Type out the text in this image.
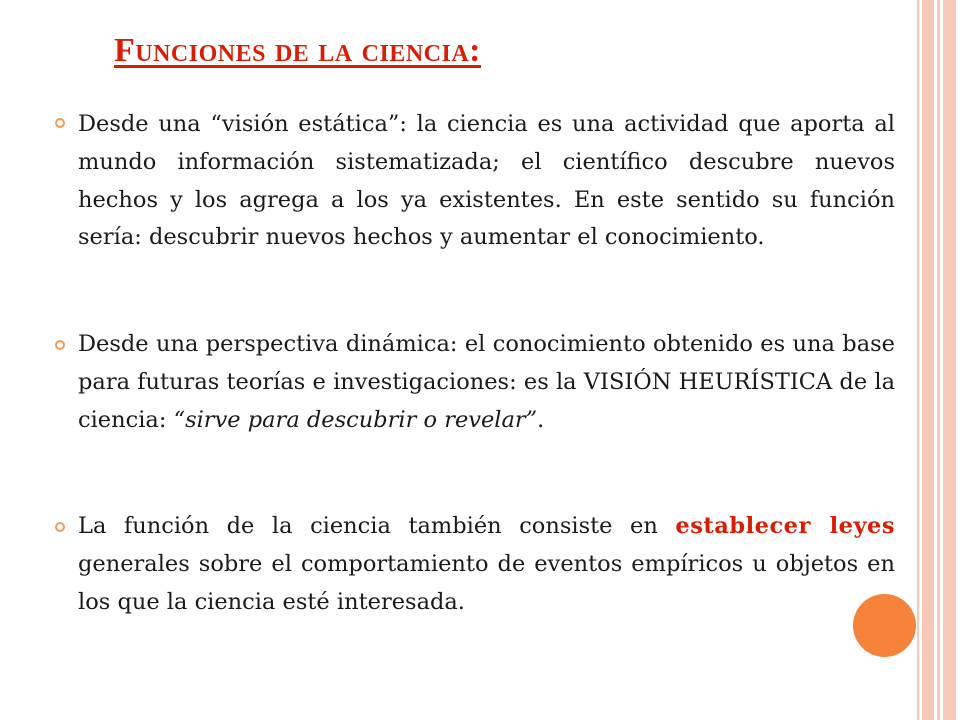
Funciones de la ciencia:

Desde una “visión estática”: la ciencia es una actividad que aporta al mundo información sistematizada; el científico descubre nuevos hechos y los agrega a los ya existentes. En este sentido su función sería: descubrir nuevos hechos y aumentar el conocimiento.

Desde una perspectiva dinámica: el conocimiento obtenido es una base para futuras teorías e investigaciones: es la VISIÓN HEURÍSTICA de la ciencia: “sirve para descubrir o revelar”.

La función de la ciencia también consiste en establecer leyes generales sobre el comportamiento de eventos empíricos u objetos en los que la ciencia esté interesada.
